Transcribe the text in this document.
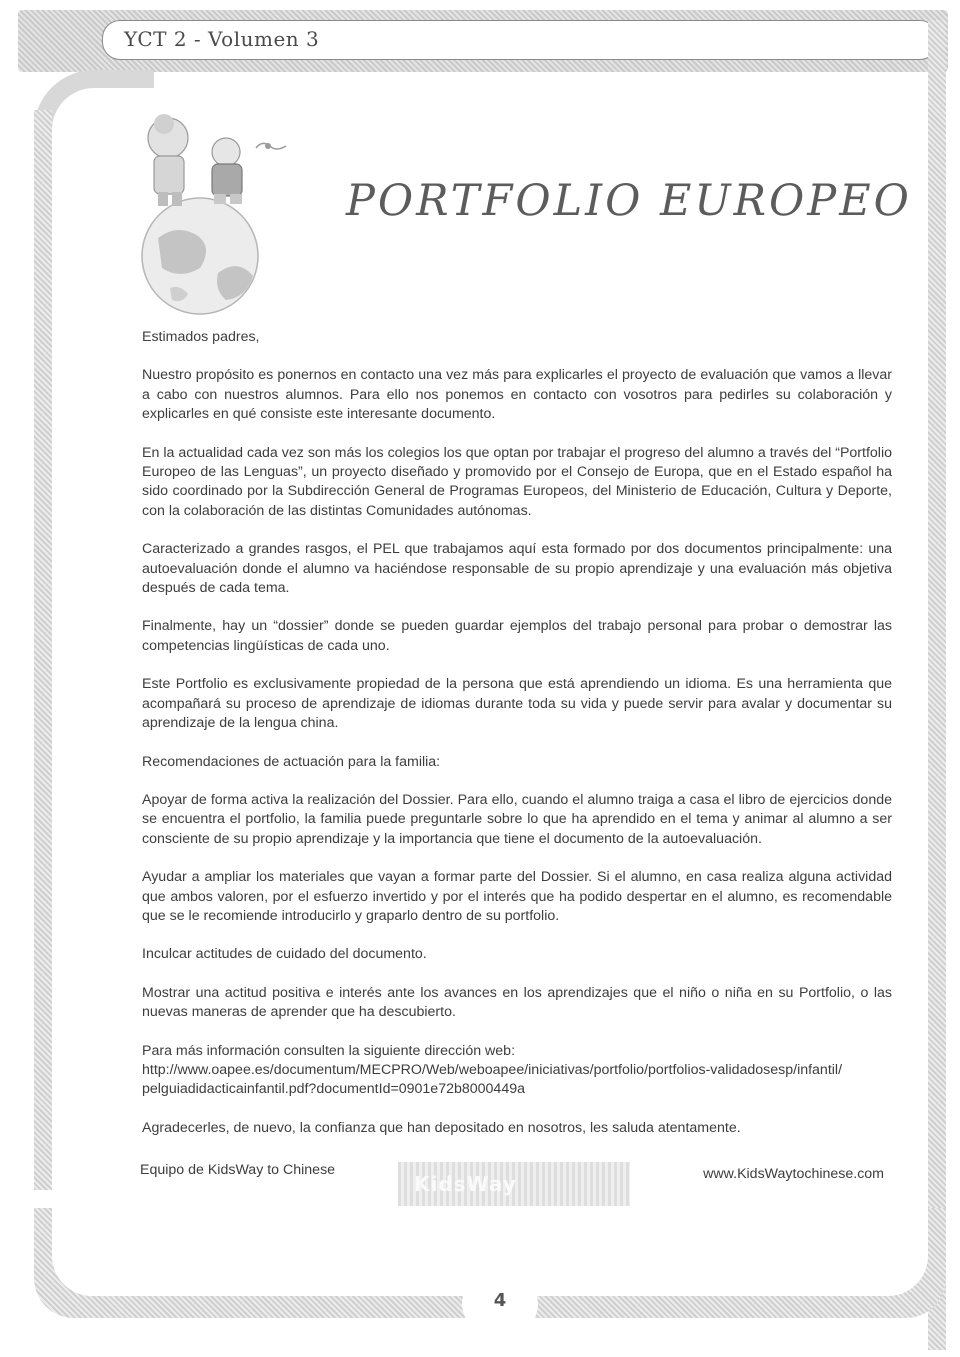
YCT 2 - Volumen 3
4
PORTFOLIO EUROPEO

Estimados padres,

Nuestro propósito es ponernos en contacto una vez más para explicarles el proyecto de evaluación que vamos a llevar a cabo con nuestros alumnos. Para ello nos ponemos en contacto con vosotros para pedirles su colaboración y explicarles en qué consiste este interesante documento.

En la actualidad cada vez son más los colegios los que optan por trabajar el progreso del alumno a través del “Portfolio Europeo de las Lenguas”, un proyecto diseñado y promovido por el Consejo de Europa, que en el Estado español ha sido coordinado por la Subdirección General de Programas Europeos, del Ministerio de Educación, Cultura y Deporte, con la colaboración de las distintas Comunidades autónomas.

Caracterizado a grandes rasgos, el PEL que trabajamos aquí esta formado por dos documentos principalmente: una autoevaluación donde el alumno va haciéndose responsable de su propio aprendizaje y una evaluación más objetiva después de cada tema.

Finalmente, hay un “dossier” donde se pueden guardar ejemplos del trabajo personal para probar o demostrar las competencias lingüísticas de cada uno.

Este Portfolio es exclusivamente propiedad de la persona que está aprendiendo un idioma. Es una herramienta que acompañará su proceso de aprendizaje de idiomas durante toda su vida y puede servir para avalar y documentar su aprendizaje de la lengua china.

Recomendaciones de actuación para la familia:

Apoyar de forma activa la realización del Dossier. Para ello, cuando el alumno traiga a casa el libro de ejercicios donde se encuentra el portfolio, la familia puede preguntarle sobre lo que ha aprendido en el tema y animar al alumno a ser consciente de su propio aprendizaje y la importancia que tiene el documento de la autoevaluación.

Ayudar a ampliar los materiales que vayan a formar parte del Dossier. Si el alumno, en casa realiza alguna actividad que ambos valoren, por el esfuerzo invertido y por el interés que ha podido despertar en el alumno, es recomendable que se le recomiende introducirlo y graparlo dentro de su portfolio.

Inculcar actitudes de cuidado del documento.

Mostrar una actitud positiva e interés ante los avances en los aprendizajes que el niño o niña en su Portfolio, o las nuevas maneras de aprender que ha descubierto.

Para más información consulten la siguiente dirección web:
http://www.oapee.es/documentum/MECPRO/Web/weboapee/iniciativas/portfolio/portfolios-validadosesp/infantil/
pelguiadidacticainfantil.pdf?documentId=0901e72b8000449a

Agradecerles, de nuevo, la confianza que han depositado en nosotros, les saluda atentamente.

Equipo de KidsWay to Chinese
KidsWay	www.KidsWaytochinese.com
